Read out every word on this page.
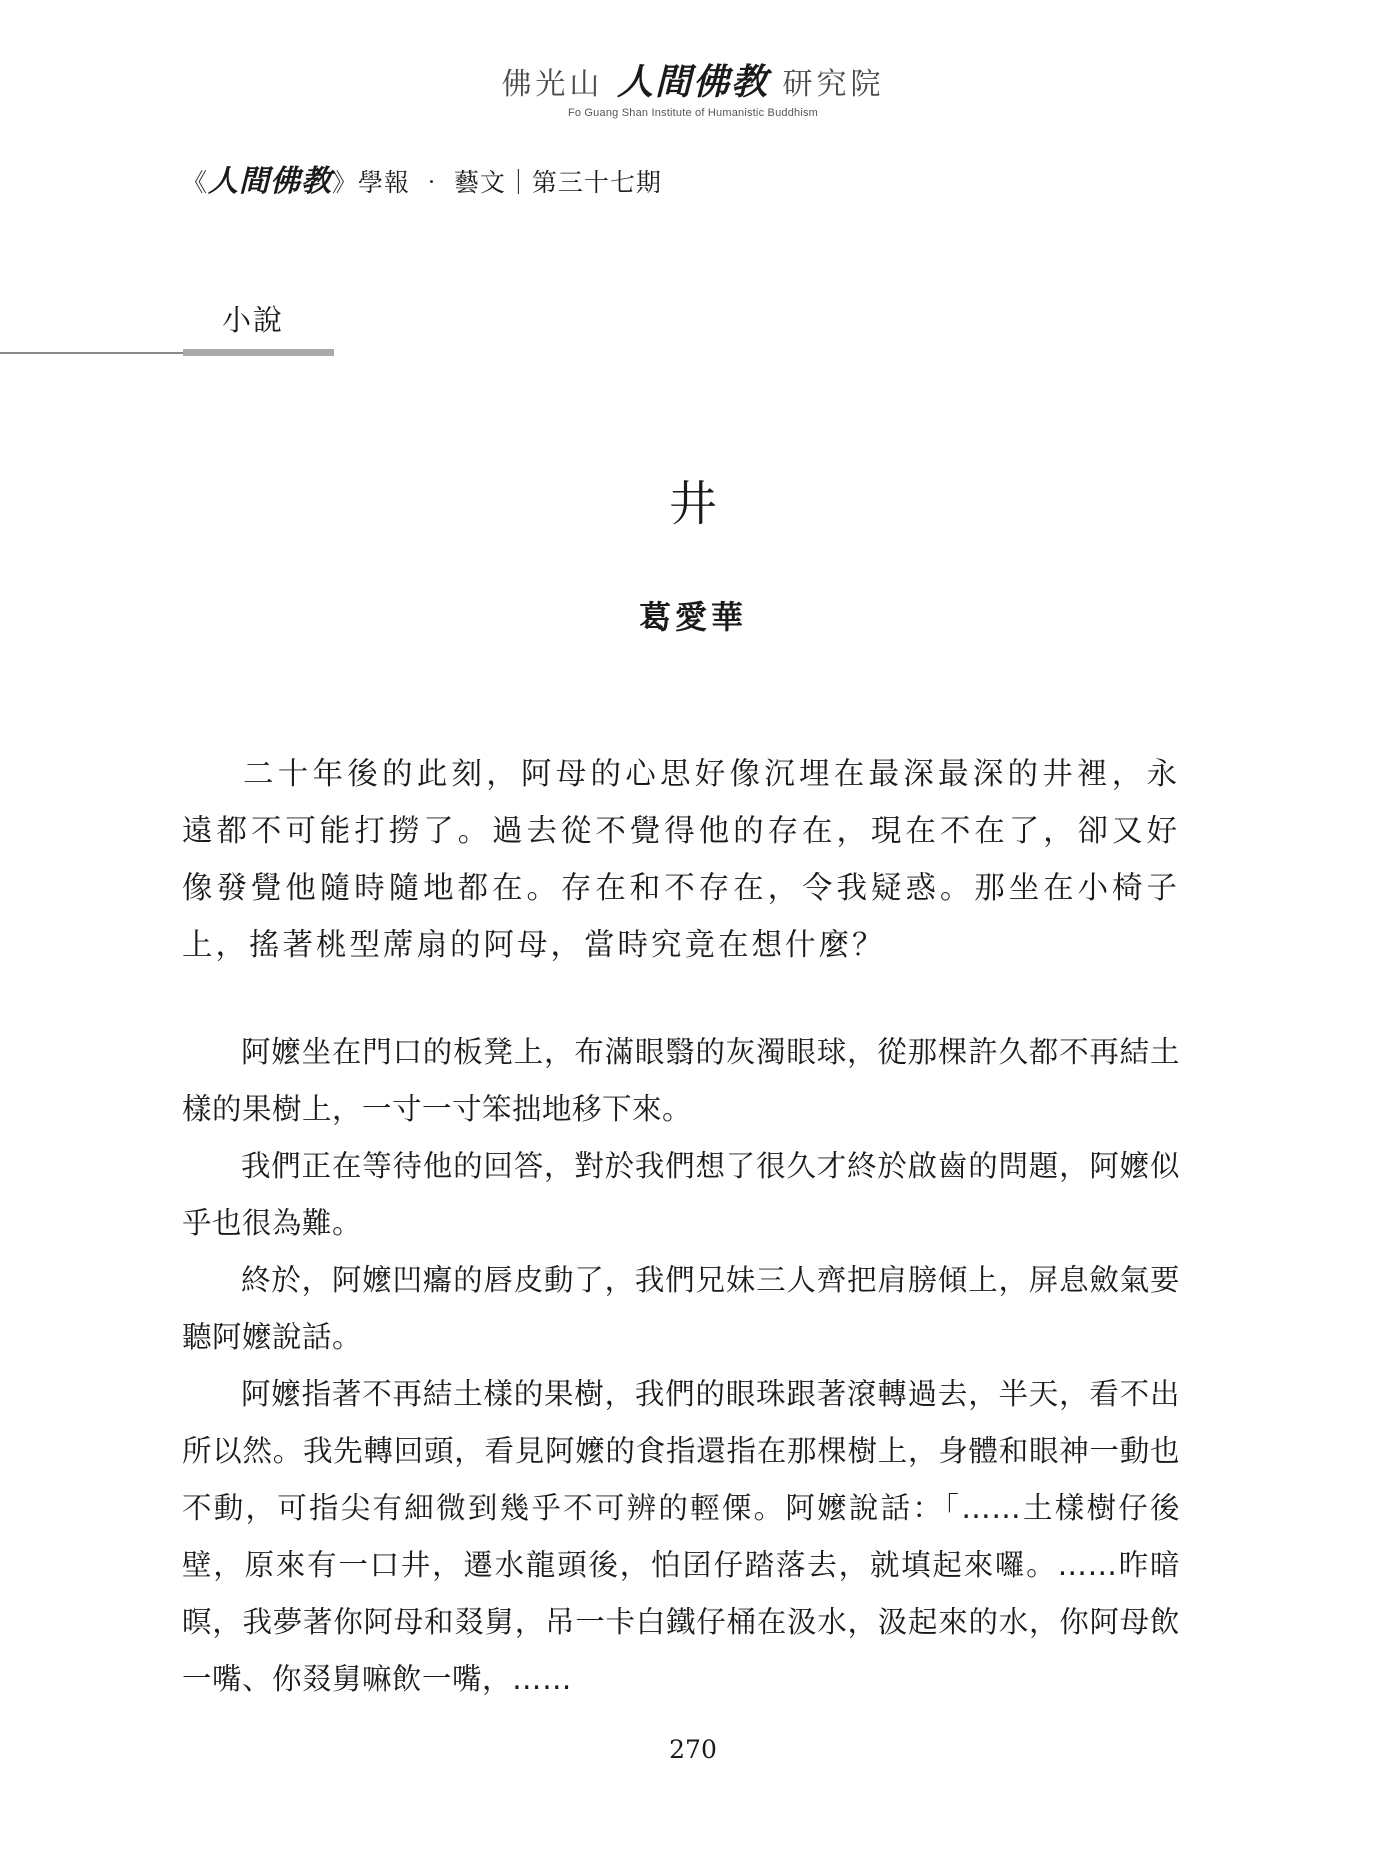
佛光山 人間佛教 研究院
Fo Guang Shan Institute of Humanistic Buddhism
《人間佛教》學報 ‧ 藝文｜第三十七期
小說
井
葛愛華

二十年後的此刻，阿母的心思好像沉埋在最深最深的井裡，永遠都不可能打撈了。過去從不覺得他的存在，現在不在了，卻又好像發覺他隨時隨地都在。存在和不存在，令我疑惑。那坐在小椅子上，搖著桃型蓆扇的阿母，當時究竟在想什麼？

阿嬤坐在門口的板凳上，布滿眼翳的灰濁眼球，從那棵許久都不再結土樣的果樹上，一寸一寸笨拙地移下來。

我們正在等待他的回答，對於我們想了很久才終於啟齒的問題，阿嬤似乎也很為難。

終於，阿嬤凹癟的唇皮動了，我們兄妹三人齊把肩膀傾上，屏息斂氣要聽阿嬤說話。

阿嬤指著不再結土樣的果樹，我們的眼珠跟著滾轉過去，半天，看不出所以然。我先轉回頭，看見阿嬤的食指還指在那棵樹上，身體和眼神一動也不動，可指尖有細微到幾乎不可辨的輕傈。阿嬤說話：「……土樣樹仔後壁，原來有一口井，遷水龍頭後，怕囝仔踏落去，就填起來囉。……昨暗暝，我夢著你阿母和叕舅，吊一卡白鐵仔桶在汲水，汲起來的水，你阿母飲一嘴、你叕舅嘛飲一嘴，……

270
